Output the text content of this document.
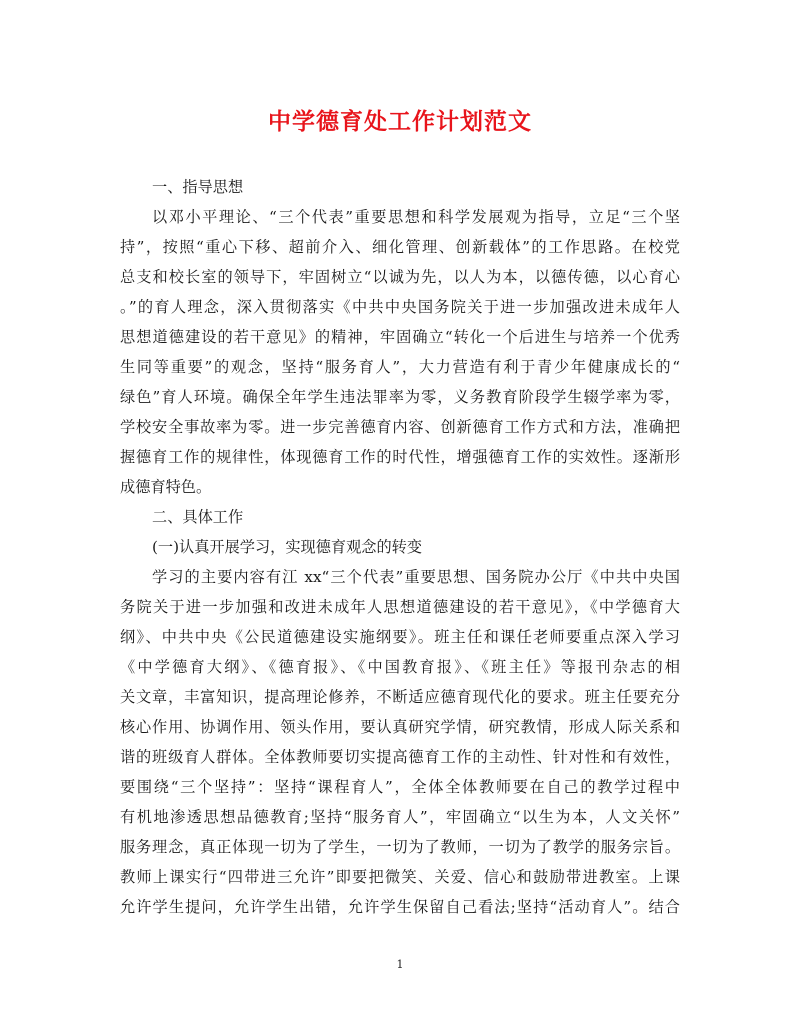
中学德育处工作计划范文
一、指导思想
以邓小平理论、“三个代表”重要思想和科学发展观为指导，立足“三个坚
持”，按照“重心下移、超前介入、细化管理、创新载体”的工作思路。在校党
总支和校长室的领导下，牢固树立“以诚为先，以人为本，以德传德，以心育心
。”的育人理念，深入贯彻落实《中共中央国务院关于进一步加强改进未成年人
思想道德建设的若干意见》的精神，牢固确立“转化一个后进生与培养一个优秀
生同等重要”的观念，坚持“服务育人”，大力营造有利于青少年健康成长的“
绿色”育人环境。确保全年学生违法罪率为零，义务教育阶段学生辍学率为零，
学校安全事故率为零。进一步完善德育内容、创新德育工作方式和方法，准确把
握德育工作的规律性，体现德育工作的时代性，增强德育工作的实效性。逐渐形
成德育特色。
二、具体工作
(一)认真开展学习，实现德育观念的转变
学习的主要内容有江 xx“三个代表”重要思想、国务院办公厅《中共中央国
务院关于进一步加强和改进未成年人思想道德建设的若干意见》，《中学德育大
纲》、中共中央《公民道德建设实施纲要》。班主任和课任老师要重点深入学习
《中学德育大纲》、《德育报》、《中国教育报》、《班主任》等报刊杂志的相
关文章，丰富知识，提高理论修养，不断适应德育现代化的要求。班主任要充分
核心作用、协调作用、领头作用，要认真研究学情，研究教情，形成人际关系和
谐的班级育人群体。全体教师要切实提高德育工作的主动性、针对性和有效性，
要围绕“三个坚持”：坚持“课程育人”，全体全体教师要在自己的教学过程中
有机地渗透思想品德教育;坚持“服务育人”，牢固确立“以生为本，人文关怀”
服务理念，真正体现一切为了学生，一切为了教师，一切为了教学的服务宗旨。
教师上课实行“四带进三允许”即要把微笑、关爱、信心和鼓励带进教室。上课
允许学生提问，允许学生出错，允许学生保留自己看法;坚持“活动育人”。结合
1
